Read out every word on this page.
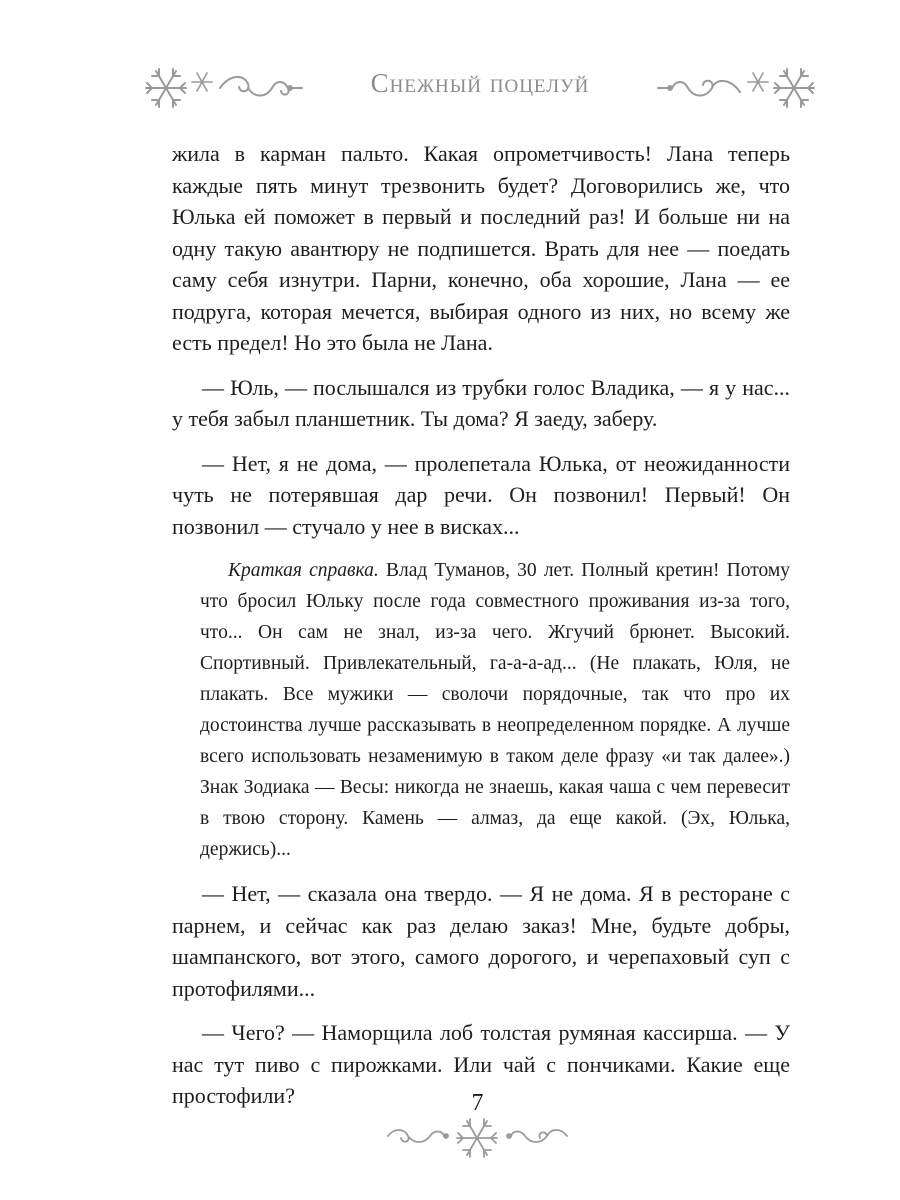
Снежный поцелуй

жила в карман пальто. Какая опрометчивость! Лана теперь каждые пять минут трезвонить будет? Договорились же, что Юлька ей поможет в первый и последний раз! И больше ни на одну такую авантюру не подпишется. Врать для нее — поедать саму себя изнутри. Парни, конечно, оба хорошие, Лана — ее подруга, которая мечется, выбирая одного из них, но всему же есть предел! Но это была не Лана.

— Юль, — послышался из трубки голос Владика, — я у нас... у тебя забыл планшетник. Ты дома? Я заеду, заберу.

— Нет, я не дома, — пролепетала Юлька, от неожиданности чуть не потерявшая дар речи. Он позвонил! Первый! Он позвонил — стучало у нее в висках...

Краткая справка. Влад Туманов, 30 лет. Полный кретин! Потому что бросил Юльку после года совместного проживания из-за того, что... Он сам не знал, из-за чего. Жгучий брюнет. Высокий. Спортивный. Привлекательный, га-а-а-ад... (Не плакать, Юля, не плакать. Все мужики — сволочи порядочные, так что про их достоинства лучше рассказывать в неопределенном порядке. А лучше всего использовать незаменимую в таком деле фразу «и так далее».) Знак Зодиака — Весы: никогда не знаешь, какая чаша с чем перевесит в твою сторону. Камень — алмаз, да еще какой. (Эх, Юлька, держись)...

— Нет, — сказала она твердо. — Я не дома. Я в ресторане с парнем, и сейчас как раз делаю заказ! Мне, будьте добры, шампанского, вот этого, самого дорогого, и черепаховый суп с протофилями...

— Чего? — Наморщила лоб толстая румяная кассирша. — У нас тут пиво с пирожками. Или чай с пончиками. Какие еще простофили?	7
